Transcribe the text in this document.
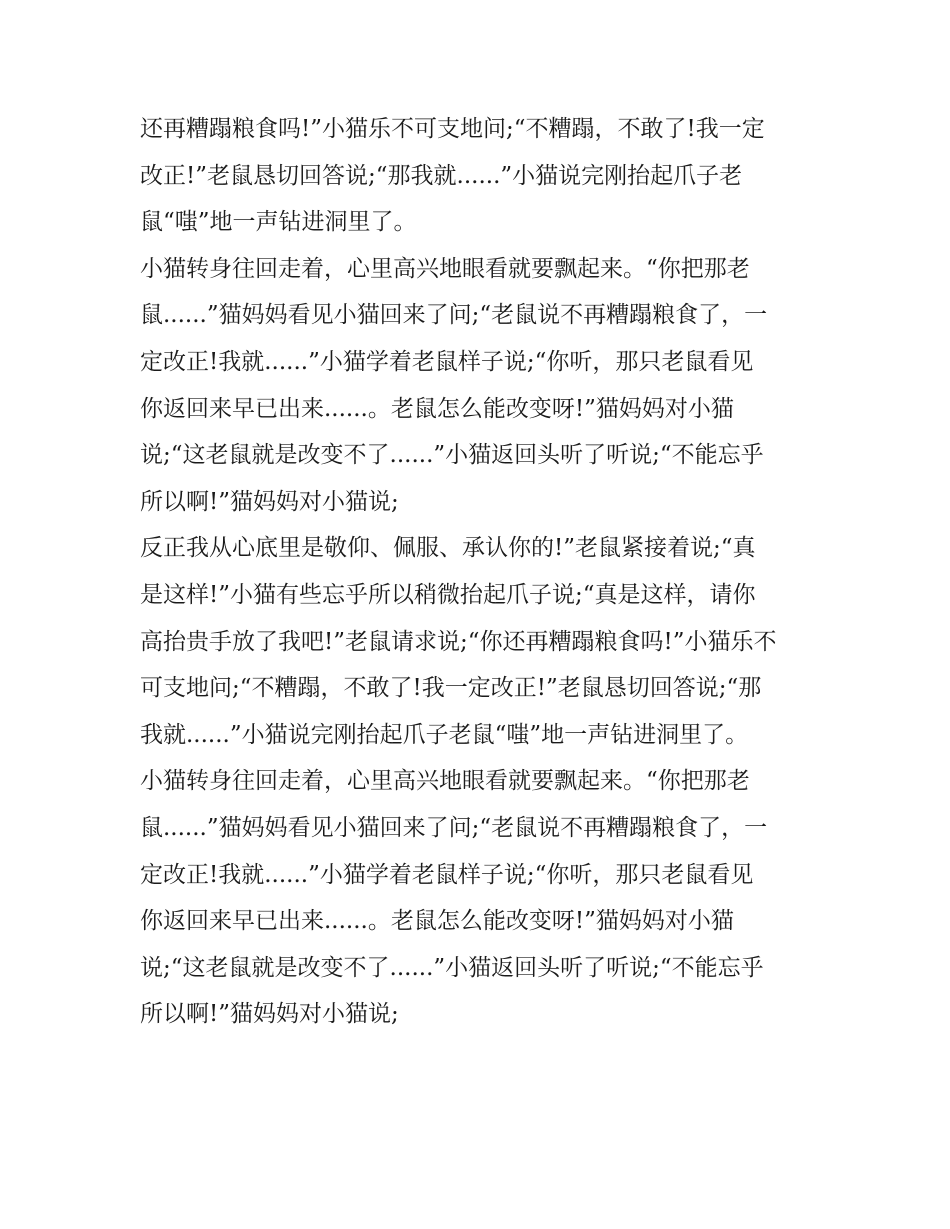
还再糟蹋粮食吗!”小猫乐不可支地问;“不糟蹋，不敢了!我一定
改正!”老鼠恳切回答说;“那我就......”小猫说完刚抬起爪子老
鼠“嗤”地一声钻进洞里了。
小猫转身往回走着，心里高兴地眼看就要飘起来。“你把那老
鼠......”猫妈妈看见小猫回来了问;“老鼠说不再糟蹋粮食了，一
定改正!我就......”小猫学着老鼠样子说;“你听，那只老鼠看见
你返回来早已出来......。老鼠怎么能改变呀!”猫妈妈对小猫
说;“这老鼠就是改变不了......”小猫返回头听了听说;“不能忘乎
所以啊!”猫妈妈对小猫说;
反正我从心底里是敬仰、佩服、承认你的!”老鼠紧接着说;“真
是这样!”小猫有些忘乎所以稍微抬起爪子说;“真是这样，请你
高抬贵手放了我吧!”老鼠请求说;“你还再糟蹋粮食吗!”小猫乐不
可支地问;“不糟蹋，不敢了!我一定改正!”老鼠恳切回答说;“那
我就......”小猫说完刚抬起爪子老鼠“嗤”地一声钻进洞里了。
小猫转身往回走着，心里高兴地眼看就要飘起来。“你把那老
鼠......”猫妈妈看见小猫回来了问;“老鼠说不再糟蹋粮食了，一
定改正!我就......”小猫学着老鼠样子说;“你听，那只老鼠看见
你返回来早已出来......。老鼠怎么能改变呀!”猫妈妈对小猫
说;“这老鼠就是改变不了......”小猫返回头听了听说;“不能忘乎
所以啊!”猫妈妈对小猫说;
